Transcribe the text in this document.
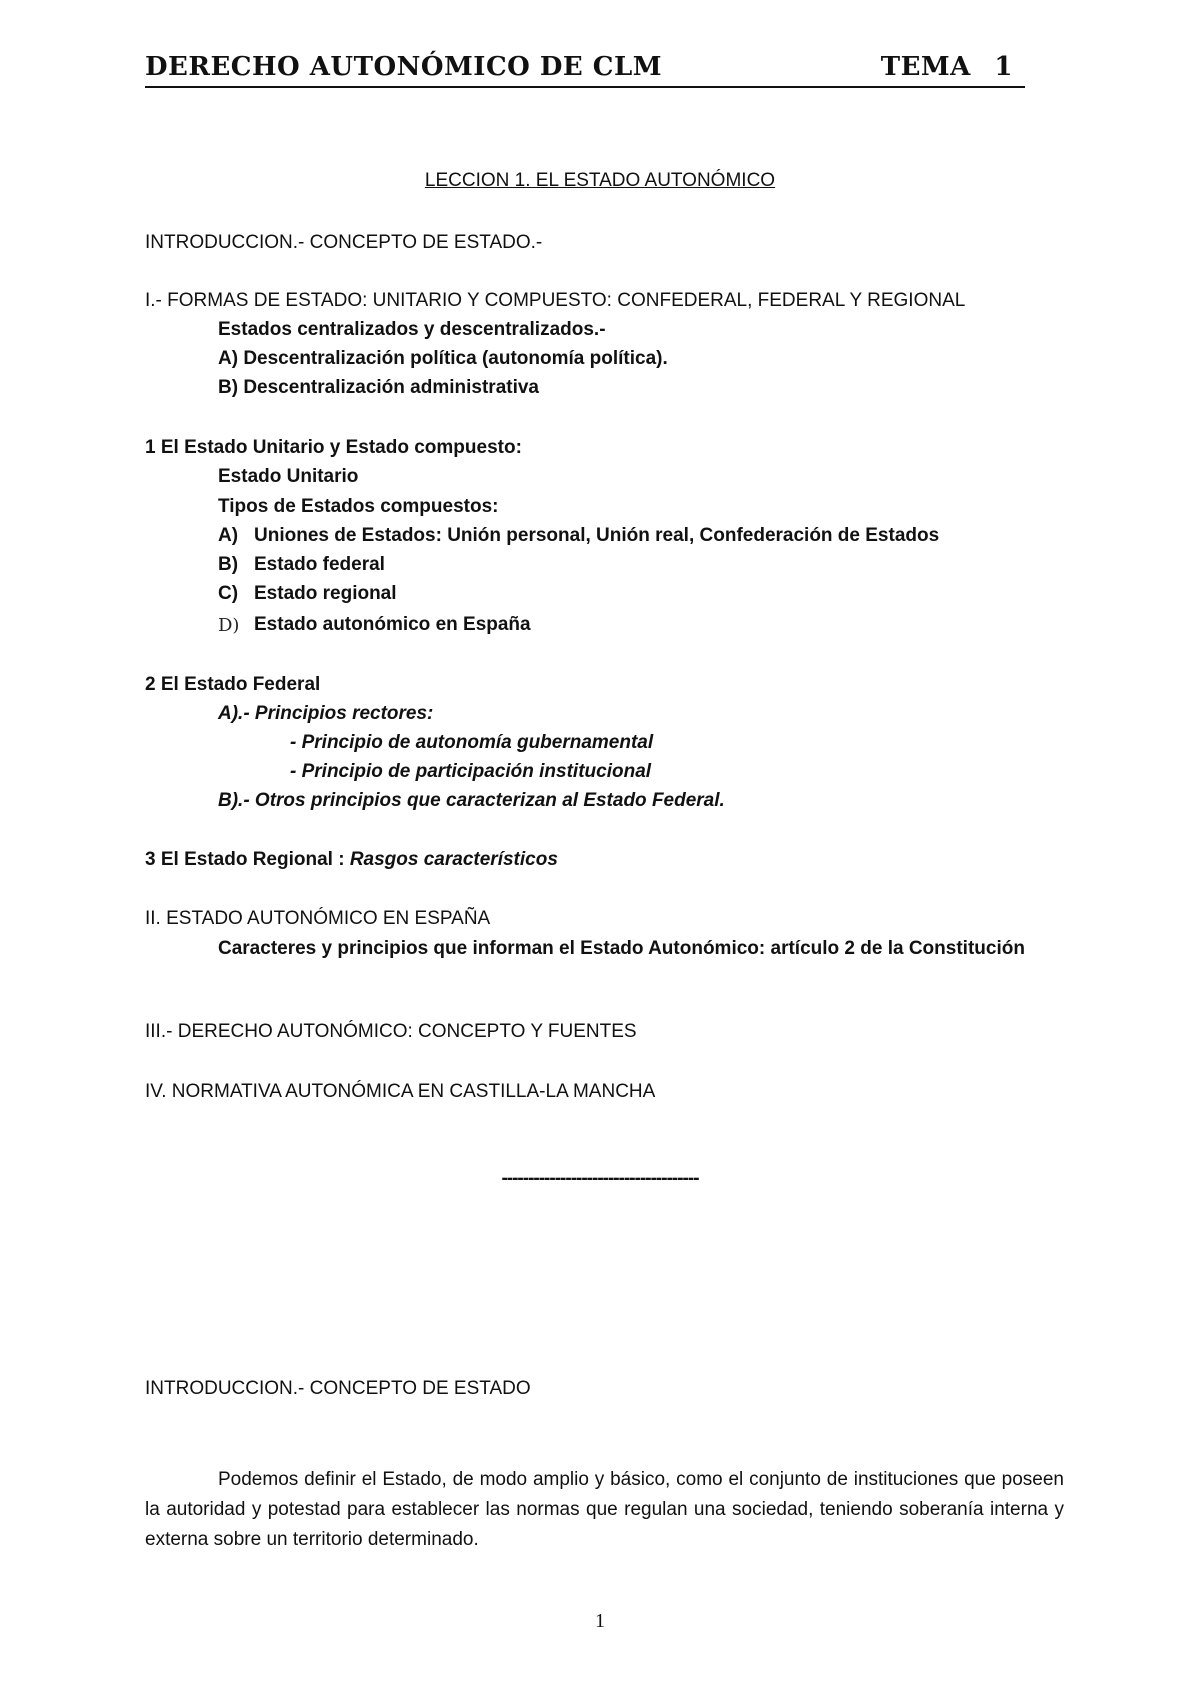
DERECHO AUTONÓMICO DE CLM	TEMA 1
LECCION 1. EL ESTADO AUTONÓMICO
INTRODUCCION.- CONCEPTO DE ESTADO.-
I.- FORMAS DE ESTADO: UNITARIO Y COMPUESTO: CONFEDERAL, FEDERAL Y REGIONAL
Estados centralizados y descentralizados.-
A) Descentralización política (autonomía política).
B) Descentralización administrativa
1 El Estado Unitario y Estado compuesto:
Estado Unitario
Tipos de Estados compuestos:
A) Uniones de Estados: Unión personal, Unión real, Confederación de Estados
B) Estado federal
C) Estado regional
D) Estado autonómico en España
2 El Estado Federal
A).- Principios rectores:
- Principio de autonomía gubernamental
- Principio de participación institucional
B).- Otros principios que caracterizan al Estado Federal.
3 El Estado Regional : Rasgos característicos
II. ESTADO AUTONÓMICO EN ESPAÑA
Caracteres y principios que informan el Estado Autonómico: artículo 2 de la Constitución
III.- DERECHO AUTONÓMICO: CONCEPTO Y FUENTES
IV. NORMATIVA AUTONÓMICA EN CASTILLA-LA MANCHA
-------------------------------------
INTRODUCCION.- CONCEPTO DE ESTADO
Podemos definir el Estado, de modo amplio y básico, como el conjunto de instituciones que poseen la autoridad y potestad para establecer las normas que regulan una sociedad, teniendo soberanía interna y externa sobre un territorio determinado.
1
